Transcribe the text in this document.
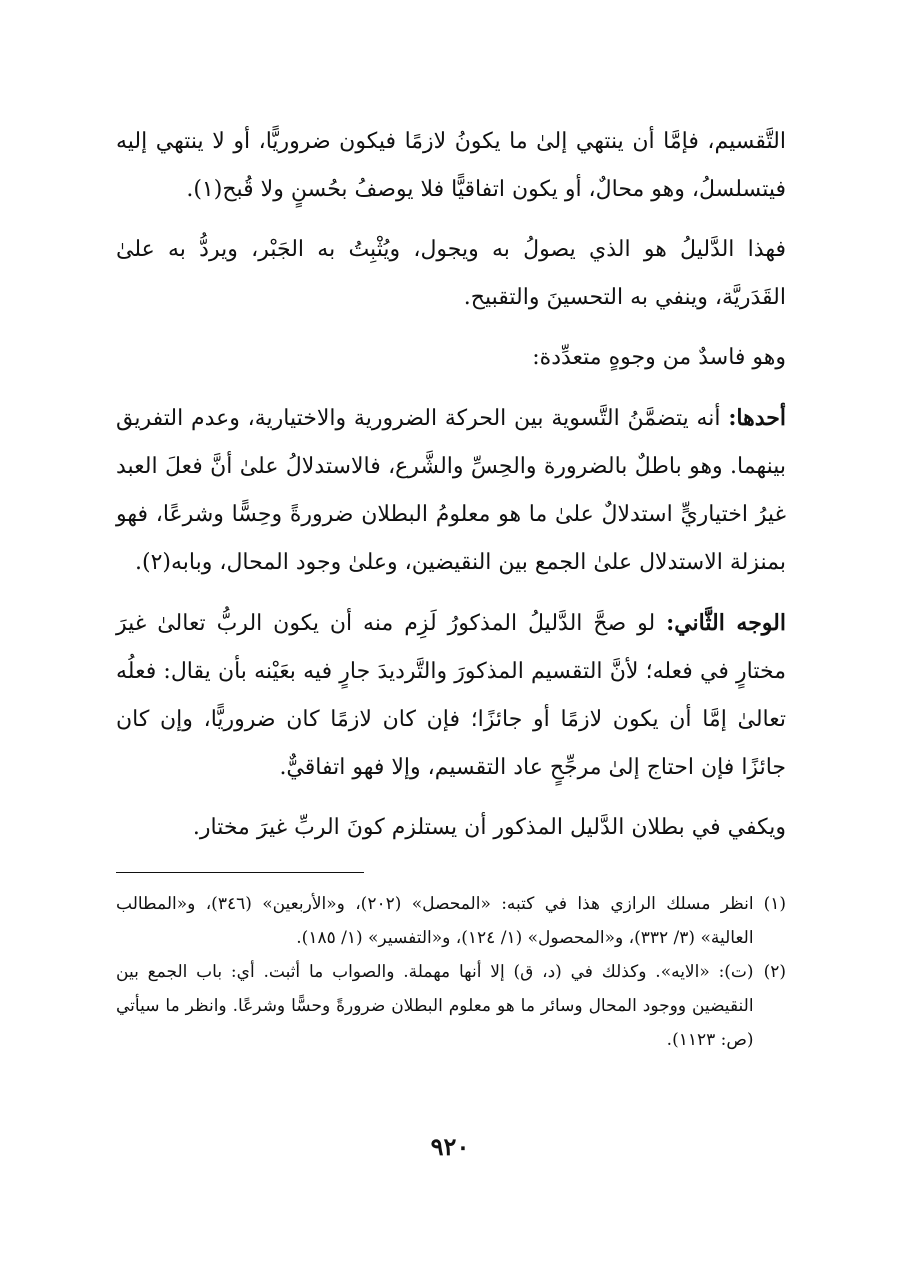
التَّقسيم، فإمَّا أن ينتهي إلىٰ ما يكونُ لازمًا فيكون ضروريًّا، أو لا ينتهي إليه فيتسلسلُ، وهو محالٌ، أو يكون اتفاقيًّا فلا يوصفُ بحُسنٍ ولا قُبح(١).

فهذا الدَّليلُ هو الذي يصولُ به ويجول، ويُثْبِتُ به الجَبْر، ويردُّ به علىٰ القَدَريَّة، وينفي به التحسينَ والتقبيح.

وهو فاسدٌ من وجوهٍ متعدِّدة:

أحدها: أنه يتضمَّنُ التَّسوية بين الحركة الضرورية والاختيارية، وعدم التفريق بينهما. وهو باطلٌ بالضرورة والحِسِّ والشَّرع، فالاستدلالُ علىٰ أنَّ فعلَ العبد غيرُ اختياريٍّ استدلالٌ علىٰ ما هو معلومُ البطلان ضرورةً وحِسًّا وشرعًا، فهو بمنزلة الاستدلال علىٰ الجمع بين النقيضين، وعلىٰ وجود المحال، وبابه(٢).

الوجه الثَّاني: لو صحَّ الدَّليلُ المذكورُ لَزِم منه أن يكون الربُّ تعالىٰ غيرَ مختارٍ في فعله؛ لأنَّ التقسيم المذكورَ والتَّرديدَ جارٍ فيه بعَيْنه بأن يقال: فعلُه تعالىٰ إمَّا أن يكون لازمًا أو جائزًا؛ فإن كان لازمًا كان ضروريًّا، وإن كان جائزًا فإن احتاج إلىٰ مرجِّحٍ عاد التقسيم، وإلا فهو اتفاقيٌّ.

ويكفي في بطلان الدَّليل المذكور أن يستلزم كونَ الربِّ غيرَ مختار.

(١)
انظر مسلك الرازي هذا في كتبه: «المحصل» (٢٠٢)، و«الأربعين» (٣٤٦)، و«المطالب العالية» (٣/ ٣٣٢)، و«المحصول» (١/ ١٢٤)، و«التفسير» (١/ ١٨٥).
(٢)
(ت): «الايه». وكذلك في (د، ق) إلا أنها مهملة. والصواب ما أثبت. أي: باب الجمع بين النقيضين ووجود المحال وسائر ما هو معلوم البطلان ضرورةً وحسًّا وشرعًا. وانظر ما سيأتي (ص: ١١٢٣).
٩٢٠
